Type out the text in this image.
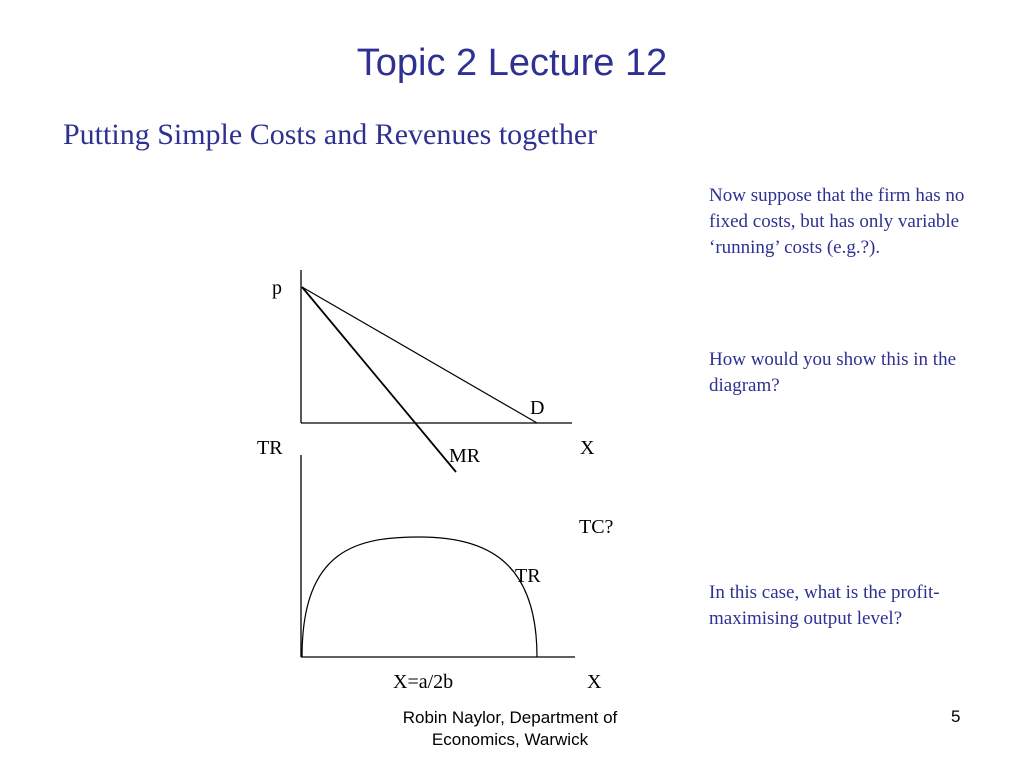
Topic 2 Lecture 12
Putting Simple Costs and Revenues together
Now suppose that the firm has no fixed costs, but has only variable ‘running’ costs (e.g.?).
How would you show this in the diagram?
In this case, what is the profit-maximising output level?
p
D
X
MR
TR
TC?
TR
X=a/2b	X
Robin Naylor, Department of Economics, Warwick
5
